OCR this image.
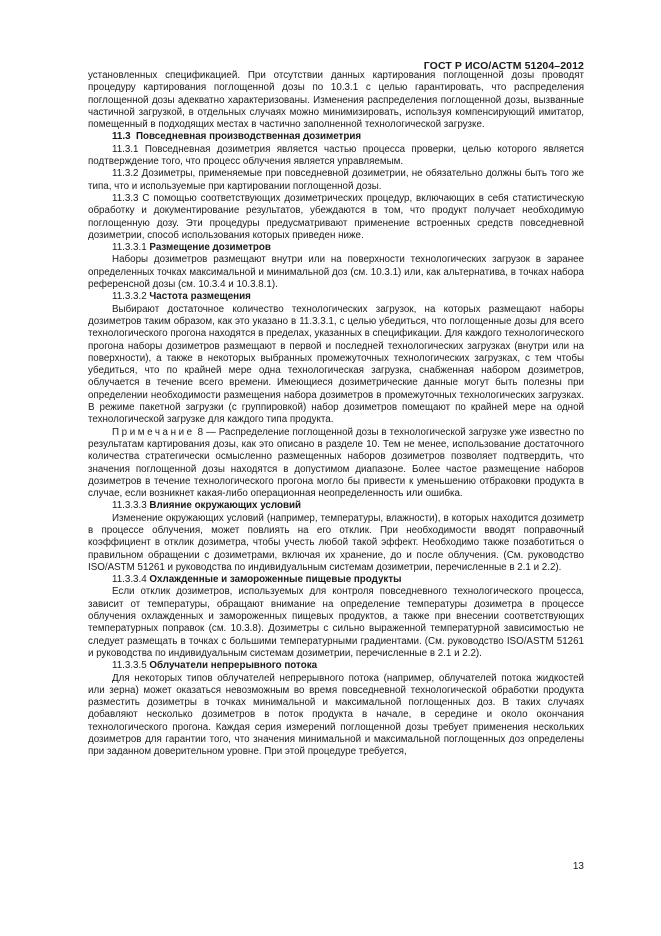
ГОСТ Р ИСО/АСТМ 51204–2012

установленных спецификацией. При отсутствии данных картирования поглощенной дозы проводят процедуру картирования поглощенной дозы по 10.3.1 с целью гарантировать, что распределения поглощенной дозы адекватно характеризованы. Изменения распределения поглощенной дозы, вызванные частичной загрузкой, в отдельных случаях можно минимизировать, используя компенсирующий имитатор, помещенный в подходящих местах в частично заполненной технологической загрузке.

11.3 Повседневная производственная дозиметрия

11.3.1 Повседневная дозиметрия является частью процесса проверки, целью которого является подтверждение того, что процесс облучения является управляемым.

11.3.2 Дозиметры, применяемые при повседневной дозиметрии, не обязательно должны быть того же типа, что и используемые при картировании поглощенной дозы.

11.3.3 С помощью соответствующих дозиметрических процедур, включающих в себя статистическую обработку и документирование результатов, убеждаются в том, что продукт получает необходимую поглощенную дозу. Эти процедуры предусматривают применение встроенных средств повседневной дозиметрии, способ использования которых приведен ниже.

11.3.3.1 Размещение дозиметров

Наборы дозиметров размещают внутри или на поверхности технологических загрузок в заранее определенных точках максимальной и минимальной доз (см. 10.3.1) или, как альтернатива, в точках набора референсной дозы (см. 10.3.4 и 10.3.8.1).

11.3.3.2 Частота размещения

Выбирают достаточное количество технологических загрузок, на которых размещают наборы дозиметров таким образом, как это указано в 11.3.3.1, с целью убедиться, что поглощенные дозы для всего технологического прогона находятся в пределах, указанных в спецификации. Для каждого технологического прогона наборы дозиметров размещают в первой и последней технологических загрузках (внутри или на поверхности), а также в некоторых выбранных промежуточных технологических загрузках, с тем чтобы убедиться, что по крайней мере одна технологическая загрузка, снабженная набором дозиметров, облучается в течение всего времени. Имеющиеся дозиметрические данные могут быть полезны при определении необходимости размещения набора дозиметров в промежуточных технологических загрузках. В режиме пакетной загрузки (с группировкой) набор дозиметров помещают по крайней мере на одной технологической загрузке для каждого типа продукта.

Примечание 8 — Распределение поглощенной дозы в технологической загрузке уже известно по результатам картирования дозы, как это описано в разделе 10. Тем не менее, использование достаточного количества стратегически осмысленно размещенных наборов дозиметров позволяет подтвердить, что значения поглощенной дозы находятся в допустимом диапазоне. Более частое размещение наборов дозиметров в течение технологического прогона могло бы привести к уменьшению отбраковки продукта в случае, если возникнет какая-либо операционная неопределенность или ошибка.

11.3.3.3 Влияние окружающих условий

Изменение окружающих условий (например, температуры, влажности), в которых находится дозиметр в процессе облучения, может повлиять на его отклик. При необходимости вводят поправочный коэффициент в отклик дозиметра, чтобы учесть любой такой эффект. Необходимо также позаботиться о правильном обращении с дозиметрами, включая их хранение, до и после облучения. (См. руководство ISO/ASTM 51261 и руководства по индивидуальным системам дозиметрии, перечисленные в 2.1 и 2.2).

11.3.3.4 Охлажденные и замороженные пищевые продукты

Если отклик дозиметров, используемых для контроля повседневного технологического процесса, зависит от температуры, обращают внимание на определение температуры дозиметра в процессе облучения охлажденных и замороженных пищевых продуктов, а также при внесении соответствующих температурных поправок (см. 10.3.8). Дозиметры с сильно выраженной температурной зависимостью не следует размещать в точках с большими температурными градиентами. (См. руководство ISO/ASTM 51261 и руководства по индивидуальным системам дозиметрии, перечисленные в 2.1 и 2.2).

11.3.3.5 Облучатели непрерывного потока

Для некоторых типов облучателей непрерывного потока (например, облучателей потока жидкостей или зерна) может оказаться невозможным во время повседневной технологической обработки продукта разместить дозиметры в точках минимальной и максимальной поглощенных доз. В таких случаях добавляют несколько дозиметров в поток продукта в начале, в середине и около окончания технологического прогона. Каждая серия измерений поглощенной дозы требует применения нескольких дозиметров для гарантии того, что значения минимальной и максимальной поглощенных доз определены при заданном доверительном уровне. При этой процедуре требуется,

13
